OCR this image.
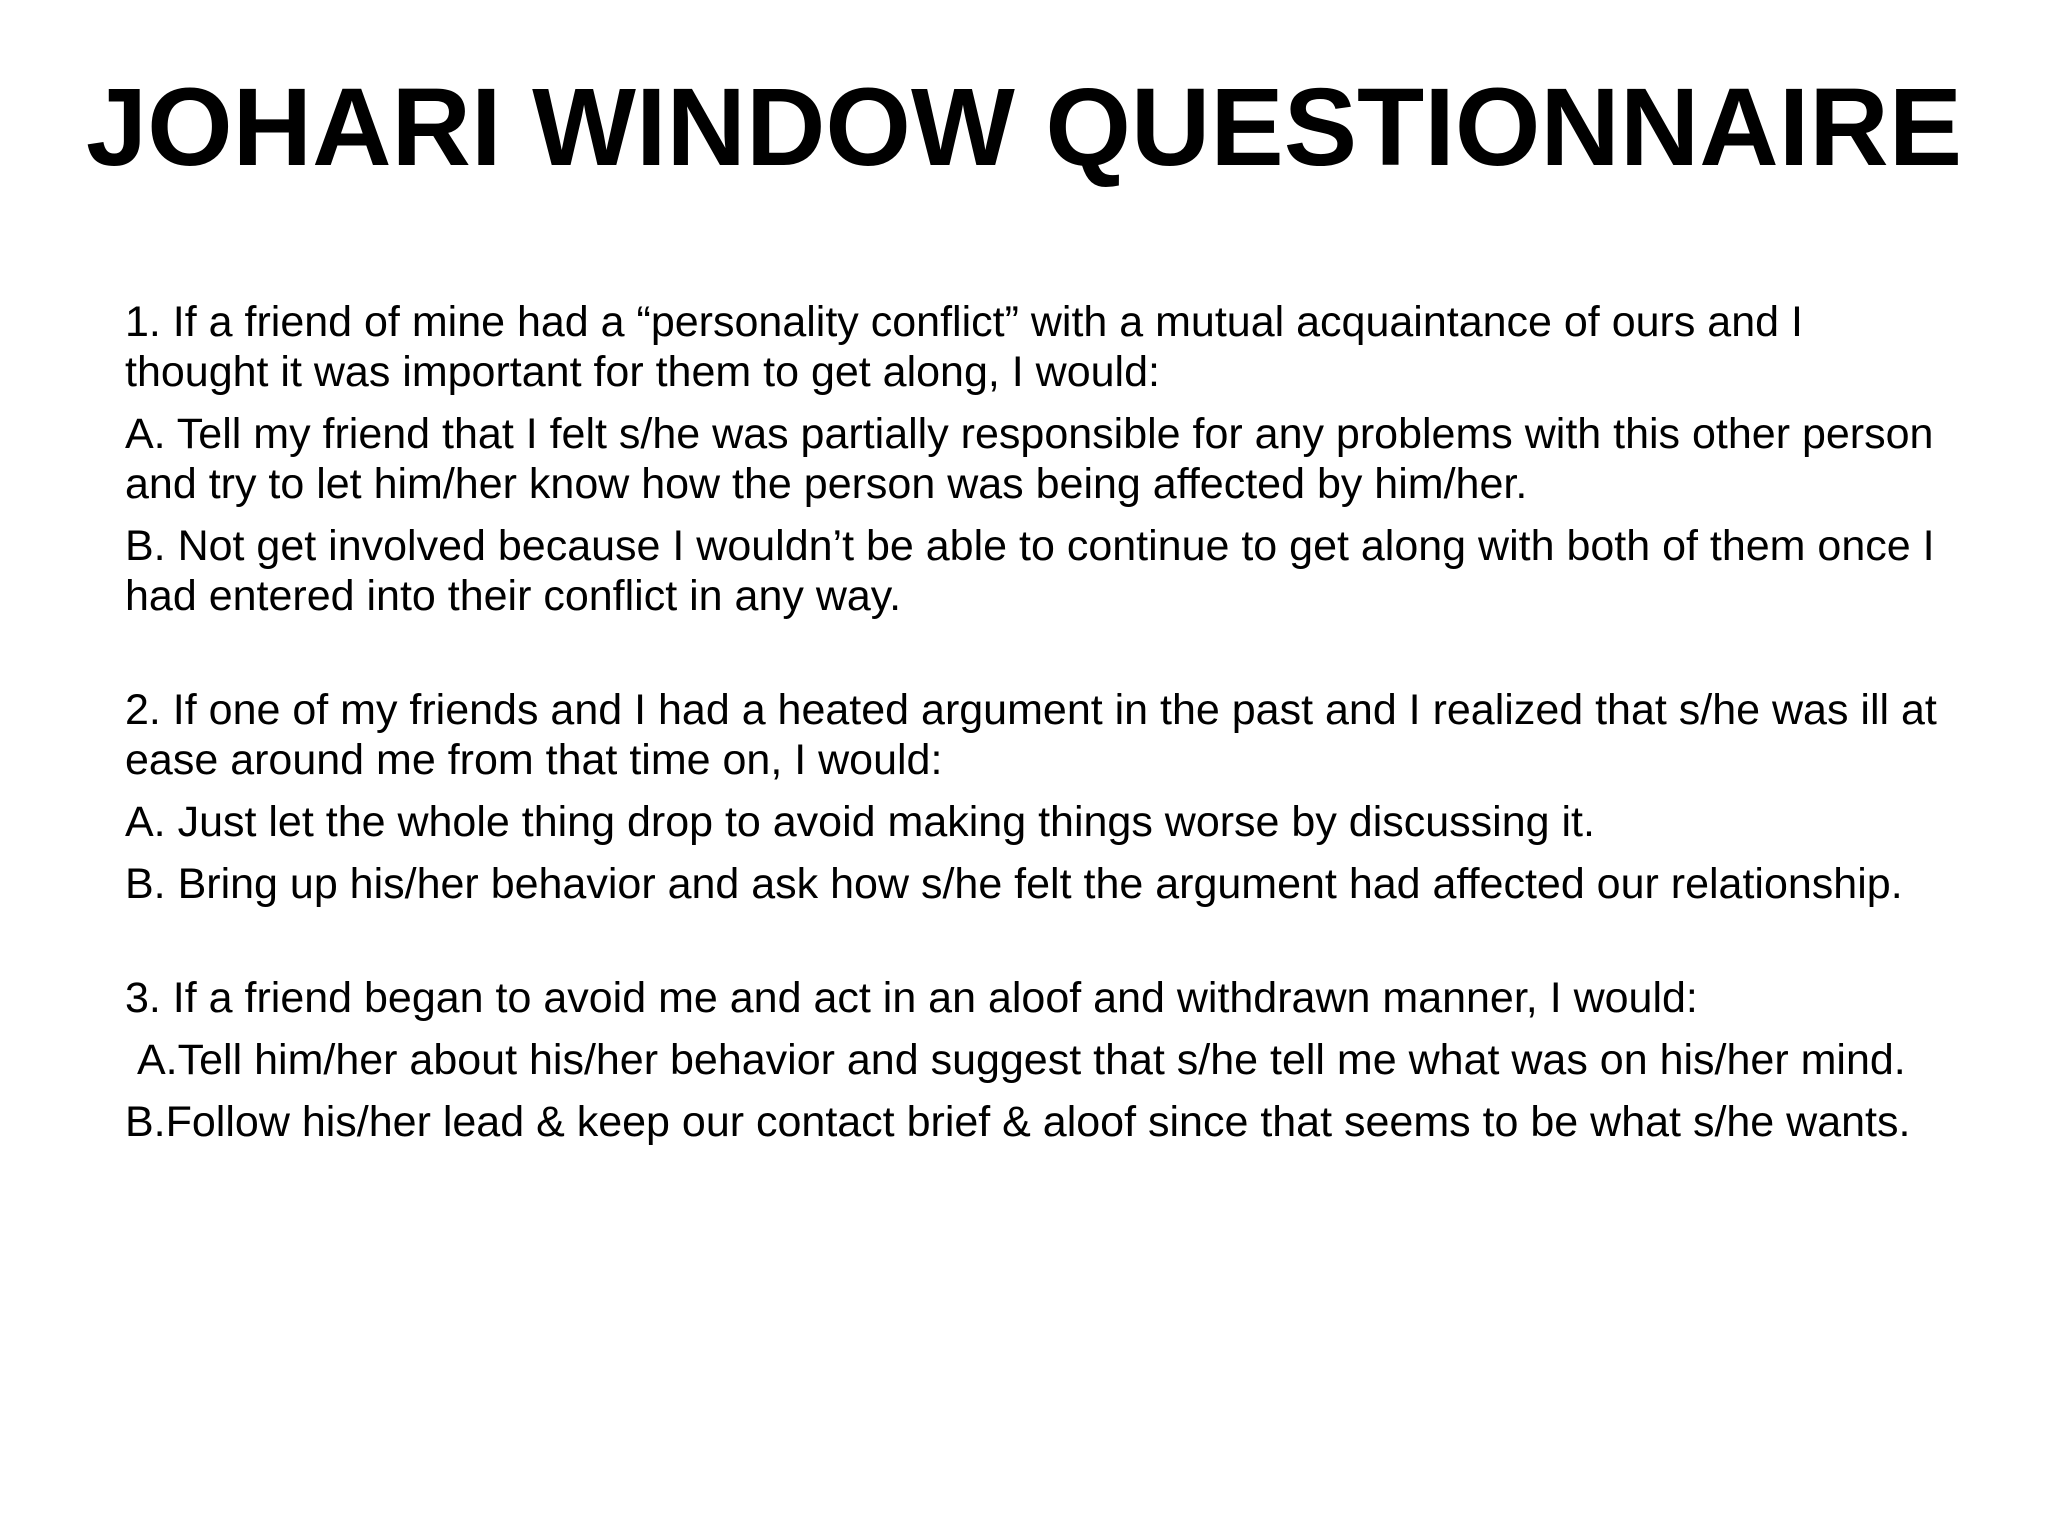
JOHARI WINDOW QUESTIONNAIRE

1. If a friend of mine had a “personality conflict” with a mutual acquaintance of ours and I thought it was important for them to get along, I would:

A. Tell my friend that I felt s/he was partially responsible for any problems with this other person and try to let him/her know how the person was being affected by him/her.

B. Not get involved because I wouldn’t be able to continue to get along with both of them once I had entered into their conflict in any way.

2. If one of my friends and I had a heated argument in the past and I realized that s/he was ill at ease around me from that time on, I would:

A. Just let the whole thing drop to avoid making things worse by discussing it.

B. Bring up his/her behavior and ask how s/he felt the argument had affected our relationship.

3. If a friend began to avoid me and act in an aloof and withdrawn manner, I would:

A.Tell him/her about his/her behavior and suggest that s/he tell me what was on his/her mind.

B.Follow his/her lead & keep our contact brief & aloof since that seems to be what s/he wants.
